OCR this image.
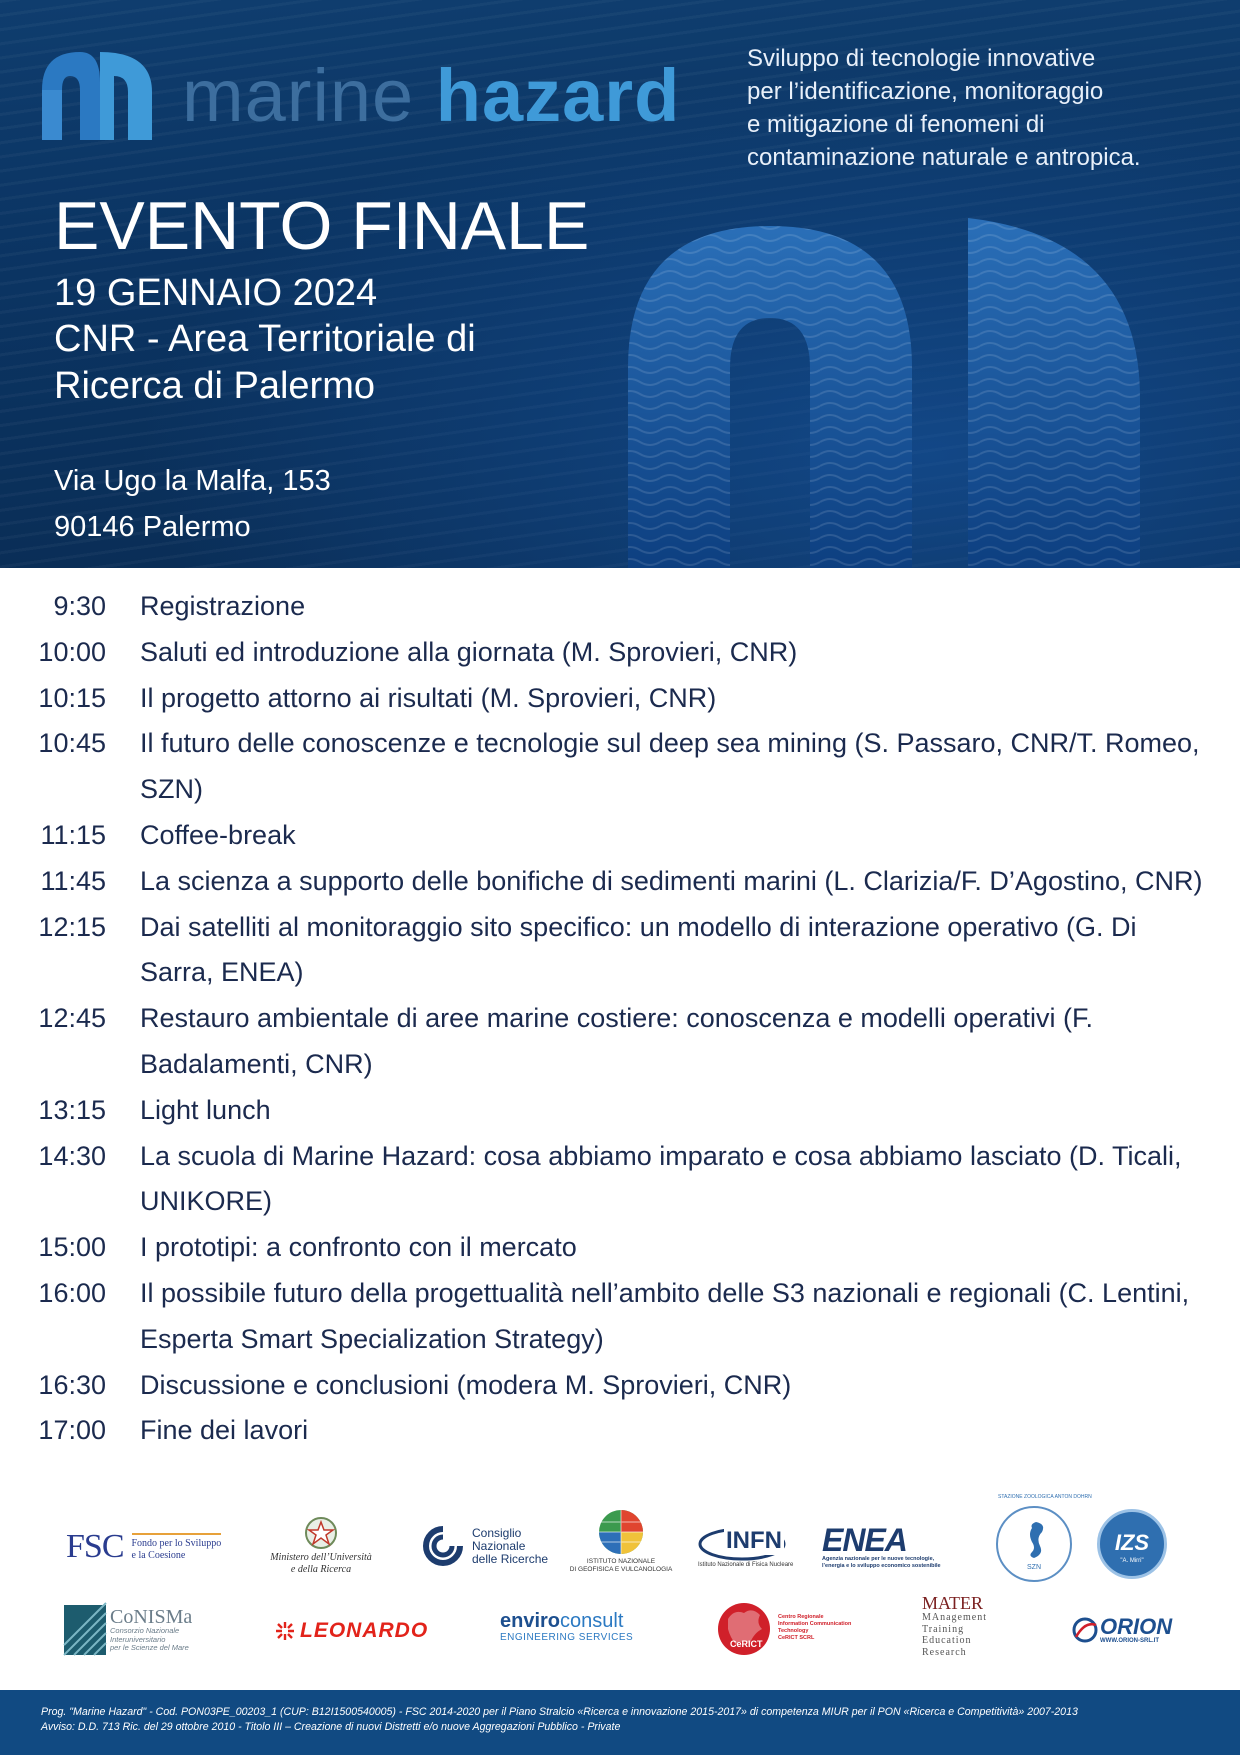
marine hazard	Sviluppo di tecnologie innovative
per l’identificazione, monitoraggio
e mitigazione di fenomeni di
contaminazione naturale e antropica.
EVENTO FINALE
19 GENNAIO 2024
CNR - Area Territoriale di
Ricerca di Palermo
Via Ugo la Malfa, 153
90146 Palermo
9:30 Registrazione
10:00 Saluti ed introduzione alla giornata (M. Sprovieri, CNR)
10:15 Il progetto attorno ai risultati (M. Sprovieri, CNR)
10:45 Il futuro delle conoscenze e tecnologie sul deep sea mining (S. Passaro, CNR/T. Romeo, SZN)
11:15 Coffee-break
11:45 La scienza a supporto delle bonifiche di sedimenti marini (L. Clarizia/F. D’Agostino, CNR)
12:15 Dai satelliti al monitoraggio sito specifico: un modello di interazione operativo (G. Di Sarra, ENEA)
12:45 Restauro ambientale di aree marine costiere: conoscenza e modelli operativi (F. Badalamenti, CNR)
13:15 Light lunch
14:30 La scuola di Marine Hazard: cosa abbiamo imparato e cosa abbiamo lasciato (D. Ticali, UNIKORE)
15:00 I prototipi: a confronto con il mercato
16:00 Il possibile futuro della progettualità nell’ambito delle S3 nazionali e regionali (C. Lentini, Esperta Smart Specialization Strategy)
16:30 Discussione e conclusioni (modera M. Sprovieri, CNR)
17:00 Fine dei lavori
FSC Fondo per lo Sviluppo
e la Coesione	Ministero dell’Università
e della Ricerca
Consiglio
Nazionale
delle Ricerche	ISTITUTO NAZIONALE
DI GEOFISICA E VULCANOLOGIA
INFN
Istituto Nazionale di Fisica Nucleare
ENEA
Agenzia nazionale per le nuove tecnologie,
l’energia e lo sviluppo economico sostenibile	SZN
STAZIONE ZOOLOGICA ANTON DOHRN
IZS
"A. Mirri"
CoNISMa
Consorzio Nazionale
Interuniversitario
per le Scienze del Mare
LEONARDO	enviroconsult
ENGINEERING SERVICES
CeRICT
Centro Regionale
Information Communication
Technology
CeRICT SCRL
MATER
MAnagement
Training
Education
Research
ORION
WWW.ORION-SRL.IT
Prog. "Marine Hazard" - Cod. PON03PE_00203_1 (CUP: B12I1500540005) - FSC 2014-2020 per il Piano Stralcio «Ricerca e innovazione 2015-2017» di competenza MIUR per il PON «Ricerca e Competitività» 2007-2013
Avviso: D.D. 713 Ric. del 29 ottobre 2010 - Titolo III – Creazione di nuovi Distretti e/o nuove Aggregazioni Pubblico - Private
